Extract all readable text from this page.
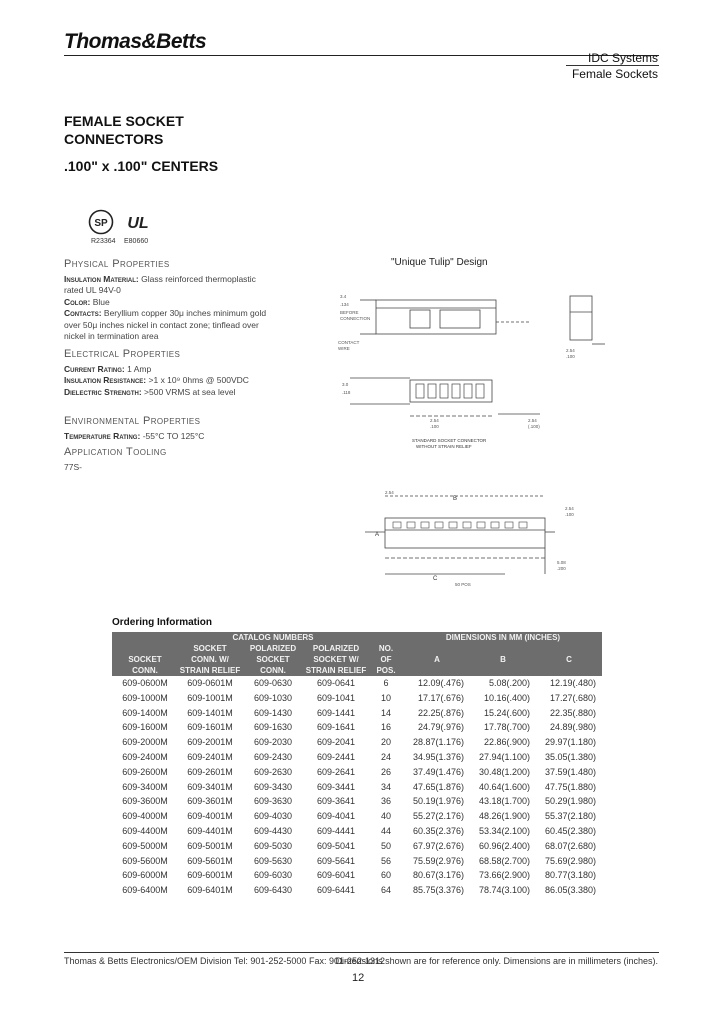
Thomas&Betts
IDC Systems
Female Sockets
FEMALE SOCKET
CONNECTORS
.100" x .100" CENTERS
SP UL
R23364 E80660
Physical Properties
Insulation Material: Glass reinforced thermoplastic rated UL 94V-0
Color: Blue
Contacts: Beryllium copper 30μ inches minimum gold over 50μ inches nickel in contact zone; tinflead over nickel in termination area
Electrical Properties
Current Rating: 1 Amp
Insulation Resistance: >1 x 10⁹ 0hms @ 500VDC
Dielectric Strength: >500 VRMS at sea level
Environmental Properties
Temperature Rating: -55°C TO 125°C
Application Tooling
77S-
"Unique Tulip" Design
3.4
.134
BEFORE
CONNECTION
CONTACT
WIRE	2.54
.100
3.0
.118
2.54
.100
2.54
(.100)
STANDARD SOCKET CONNECTOR
WITHOUT STRAIN RELIEF
2.54
2.54
.100
5.08
.200
50 POS
B
A
C
Ordering Information
	CATALOG NUMBERS				DIMENSIONS IN MM (INCHES)		
SOCKET
CONN.	SOCKET
CONN. W/
STRAIN RELIEF	POLARIZED
SOCKET
CONN.	POLARIZED
SOCKET W/
STRAIN RELIEF	NO.
OF
POS.	A	B	C
609-0600M	609-0601M	609-0630	609-0641	6	12.09(.476)	5.08(.200)	12.19(.480)
609-1000M	609-1001M	609-1030	609-1041	10	17.17(.676)	10.16(.400)	17.27(.680)
609-1400M	609-1401M	609-1430	609-1441	14	22.25(.876)	15.24(.600)	22.35(.880)
609-1600M	609-1601M	609-1630	609-1641	16	24.79(.976)	17.78(.700)	24.89(.980)
609-2000M	609-2001M	609-2030	609-2041	20	28.87(1.176)	22.86(.900)	29.97(1.180)
609-2400M	609-2401M	609-2430	609-2441	24	34.95(1.376)	27.94(1.100)	35.05(1.380)
609-2600M	609-2601M	609-2630	609-2641	26	37.49(1.476)	30.48(1.200)	37.59(1.480)
609-3400M	609-3401M	609-3430	609-3441	34	47.65(1.876)	40.64(1.600)	47.75(1.880)
609-3600M	609-3601M	609-3630	609-3641	36	50.19(1.976)	43.18(1.700)	50.29(1.980)
609-4000M	609-4001M	609-4030	609-4041	40	55.27(2.176)	48.26(1.900)	55.37(2.180)
609-4400M	609-4401M	609-4430	609-4441	44	60.35(2.376)	53.34(2.100)	60.45(2.380)
609-5000M	609-5001M	609-5030	609-5041	50	67.97(2.676)	60.96(2.400)	68.07(2.680)
609-5600M	609-5601M	609-5630	609-5641	56	75.59(2.976)	68.58(2.700)	75.69(2.980)
609-6000M	609-6001M	609-6030	609-6041	60	80.67(3.176)	73.66(2.900)	80.77(3.180)
609-6400M	609-6401M	609-6430	609-6441	64	85.75(3.376)	78.74(3.100)	86.05(3.380)
Thomas & Betts Electronics/OEM Division Tel: 901-252-5000 Fax: 901-252-1312
Dimensions shown are for reference only. Dimensions are in millimeters (inches).
12
